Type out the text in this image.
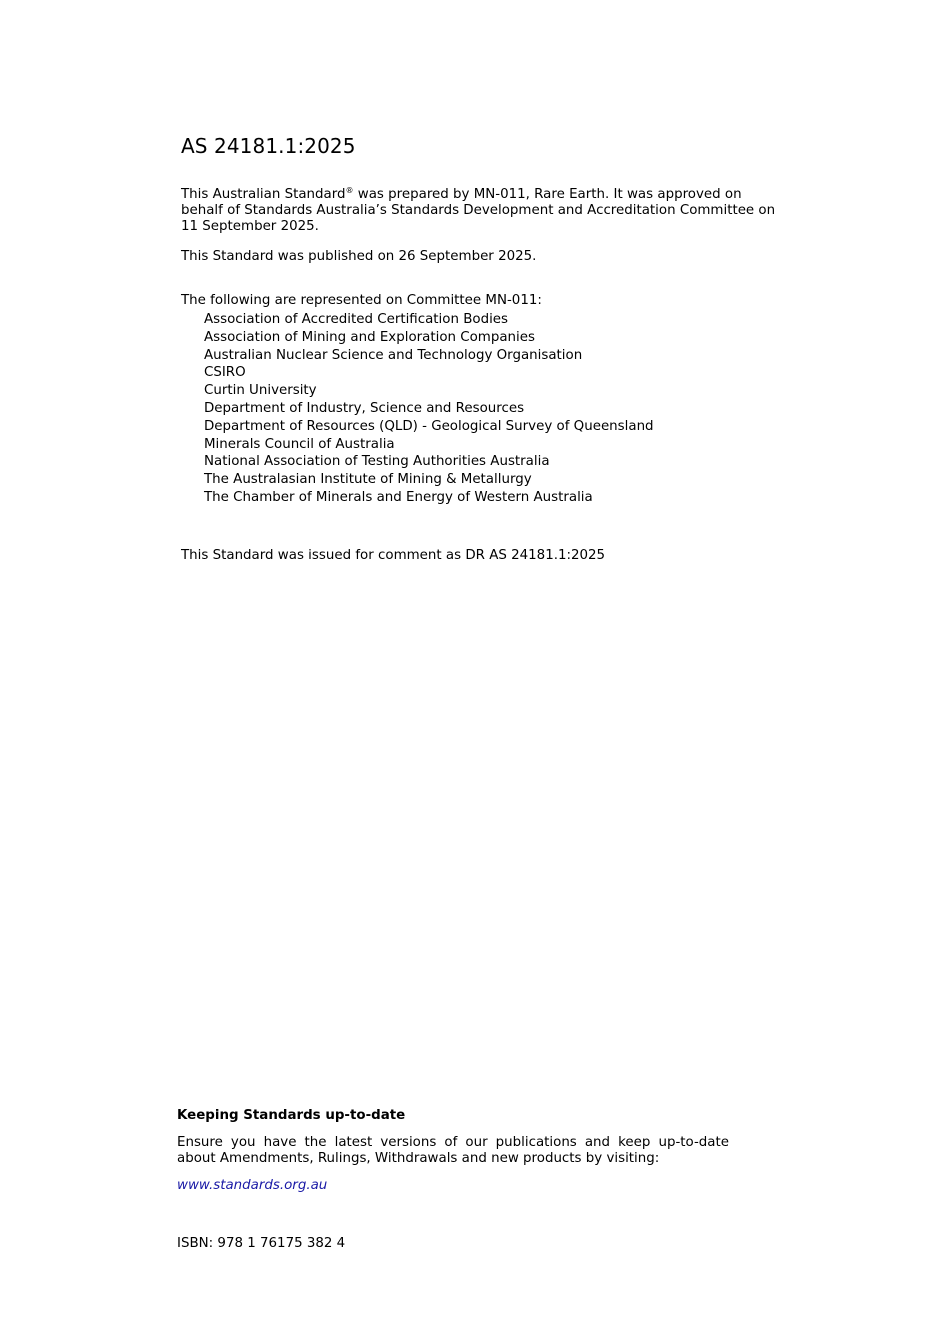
AS 24181.1:2025
This Australian Standard® was prepared by MN-011, Rare Earth. It was approved on behalf of Standards Australia’s Standards Development and Accreditation Committee on 11 September 2025.
This Standard was published on 26 September 2025.
The following are represented on Committee MN-011:
Association of Accredited Certification Bodies
Association of Mining and Exploration Companies
Australian Nuclear Science and Technology Organisation
CSIRO
Curtin University
Department of Industry, Science and Resources
Department of Resources (QLD) - Geological Survey of Queensland
Minerals Council of Australia
National Association of Testing Authorities Australia
The Australasian Institute of Mining & Metallurgy
The Chamber of Minerals and Energy of Western Australia
This Standard was issued for comment as DR AS 24181.1:2025
Keeping Standards up-to-date
Ensure you have the latest versions of our publications and keep up-to-date about Amendments, Rulings, Withdrawals and new products by visiting:
www.standards.org.au
ISBN: 978 1 76175 382 4
